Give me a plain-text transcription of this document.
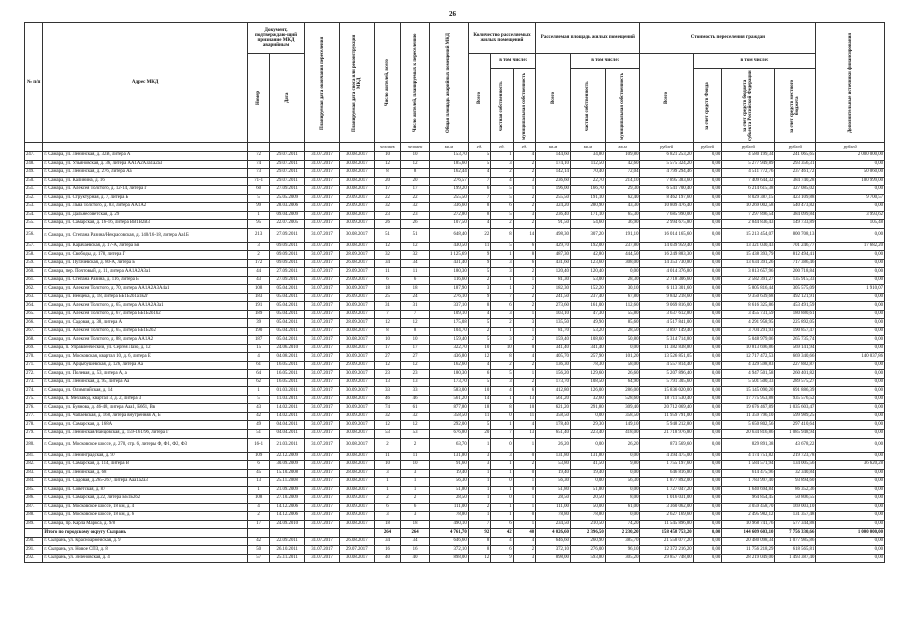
26
№ п/п	Адрес МКД	Документ, подтверждаю-щий признание МКД аварийным		Планируемая дата окончания переселения	Планируемая дата сноса или реконструкции МКД	Число жителей, всего	Число жителей, планируемых к переселению	Общая площадь аварийных помещений МКД	Количество расселяемых жилых помещений			Расселяемая площадь жилых помещений			Стоимость переселения граждан				Дополнительные источники финансирования

Номер	Дата						Всего	в том числе:		Всего	в том числе:		Всего	в том числе:			

частная собственность	муниципальная собственность		частная собственность	муниципальная собственность		за счет средств Фонда	за счет средств бюджета субъекта Российской Федерации	за счет средств местного бюджета	

						человек	человек	кв.м	ед.	ед.	ед.	кв.м	кв.м	кв.м	рублей	рублей	рублей	рублей	рублей
247.	г. Самара, ул. Ленинская, д. 32В, литера А	72	29.07.2011	31.07.2017	30.08.2017	10	10	153,70	5	1	4	144,60	34,80	109,80	6 821 253,20	0,00	4 580 199,34	241 065,65	2 000 000,00
248.	г. Самара, ул. Ульяновская, д. 36, литера АА1А2А3а1а2а3	74	29.07.2011	31.07.2017	30.08.2017	12	12	185,60	5	3	2	174,10	112,50	42,60	5 575 324,20	0,00	5 277 949,89	293 356,31	0,00
249.	г. Самара, ул. Ленинская, д. 276, литера Аа	73	29.07.2011	31.07.2017	30.08.2017	8	8	162,44	4	2	2	142,14	70,40	72,04	4 799 294,46	0,00	4 511 772,76	237 461,72	50 060,00
250.	г. Самара, ул. Калинина, д. 16	71-1	29.07.2011	31.07.2017	30.08.2017	20	20	276,57	7	4	3	236,60	22,70	214,10	7 895 383,60	0,00	7 409 644,32	384 740,28	100 999,00
251.	г. Самара, ул. Алексея Толстого, д. 12-14, литера Г	60	27.09.2011	31.07.2017	30.08.2017	17	17	199,20	6	5	1	196,00	166,70	29,30	6 541 700,40	0,00	6 214 615,38	327 085,02	0,00
252.	г. Самара, ул. Структурная, д. 7, литера Б	5	25.05.2009	31.07.2017	29.09.2017	22	22	255,50	7	5	2	255,50	191,10	62,40	8 462 197,60	0,00	8 029 387,15	423 109,88	9 700,57
253.	г. Самара, ул. Льва Толстого, д. 83, литера АА1А2	99	28.03.2006	31.07.2017	29.09.2017	32	32	336,60	8	6	2	324,20	280,90	43,30	10 809 476,40	0,00	10 269 002,58	540 473,82	0,00
254.	г. Самара, ул. Дальнесоветская, д. 29	1	09.04.2009	31.07.2017	30.08.2017	23	23	272,80	8	5	3	236,40	171,10	65,30	7 685 990,00	0,00	7 297 896,54	384 099,84	3 993,62
255.	г. Самара, ул. Самарская, д. 16-16, литера ВВ1В2В3	95	22.07.2005	31.07.2017	30.09.2017	26	26	107,50	4	2	2	91,50	54,60	36,90	2 994 675,80	0,00	2 844 836,43	149 733,89	105,48
256.	г. Самара, ул. Степана Разина/Некрасовская, д. 140/16-18, литера Аа1Б	213	27.09.2011	31.07.2017	30.08.2017	51	51	648,40	22	8	14	498,30	307,20	191,10	16 014 165,60	0,00	15 213 454,07	800 708,13	0,00
257.	г. Самара, ул. Карачаевская, д. 17-А, литера Бв	3	09.09.2011	31.07.2017	30.08.2017	12	12	430,50	11	5	6	429,70	192,00	237,80	14 039 959,40	0,00	13 321 030,43	701 246,77	17 682,20
258.	г. Самара, ул. Свободы, д. 178, литера Г	2	09.09.2011	31.07.2017	28.09.2017	32	32	1 125,69	9	1	8	487,30	42,80	444,50	16 249 883,30	0,00	15 438 393,79	812 494,41	0,00
259.	г. Самара, ул. Пугачевская, д. 80-А, литера Б	172	09.09.2011	31.07.2017	26.08.2017	34	34	431,40	9	3	6	431,60	123,60	308,00	14 353 730,80	0,00	13 634 391,26	717 386,46	0,00
260.	г. Самара, пер. Почтовый, д. 11, литера АА1А2А3а1	44	27.09.2011	31.07.2017	29.09.2017	11	11	180,30	5	3	2	120,40	120,40	0,00	4 014 376,80	0,00	3 813 657,96	200 718,84	0,00
261.	г. Самара, ул. Степана Разина, д. 116, литера Б	43	27.09.2011	31.07.2017	29.09.2017	6	6	116,60	2	1	1	81,30	53,00	28,30	2 718 306,60	0,00	2 582 391,27	135 915,33	0,00
262.	г. Самара, ул. Алексея Толстого, д. 70, литера АА1А2А3А4а1	108	05.04.2011	31.07.2017	30.09.2017	18	18	187,90	3	1	2	182,30	152,20	30,10	6 113 301,60	0,00	5 805 816,44	305 575,09	1 910,07
263.	г. Самара, ул. Венцека, д. 18, литера ББ1Б2б1а1в2г	183	05.04.2011	31.07.2017	26.09.2017	25	24	276,10	9	7	2	241,50	237,40	67,80	9 842 218,60	0,00	9 350 639,68	492 121,91	0,00
264.	г. Самара, ул. Алексея Толстого, д. 65, литера АА1А2А3а1	191	05.04.2011	31.07.2017	30.09.2017	31	31	337,10	8	6	2	273,60	161,00	112,60	9 069 816,00	0,00	8 616 325,86	453 491,59	0,00
265.	г. Самара, ул. Алексея Толстого, д. 67, литера ББ1Б2б1б2	189	05.04.2011	31.07.2017	30.09.2017	7	7	109,10	4	3	1	103,10	47,30	55,80	3 637 612,80	0,00	3 455 731,59	180 880,61	0,00
266.	г. Самара, ул. Садовая, д. 38, литера А	39	05.04.2011	31.07.2017	28.09.2017	12	12	175,08	5	2	3	135,50	49,90	85,60	4 517 841,00	0,00	4 291 958,95	225 892,05	0,00
267.	г. Самара, ул. Алексея Толстого, д. 65, литера ББ1Б2б2	190	05.04.2011	31.07.2017	30.08.2017	8	8	104,70	2	1	1	81,70	53,20	28,50	3 897 149,40	0,00	3 704 291,93	190 857,47	0,00
268.	г. Самара, ул. Алексея Толстого, д. 88, литера АА1А2	187	05.04.2011	31.07.2017	30.08.2017	10	10	159,40	5	3	2	159,40	108,60	50,80	5 314 714,80	0,00	5 048 979,06	265 735,74	0,00
269.	г. Самара, п. Управленческий, ул. Сергея Лазо, д. 12	15	24.06.2010	31.07.2017	30.08.2017	17	17	322,70	10	10	0	341,40	341,40	0,00	11 382 838,80	0,00	10 813 696,86	569 141,94	0,00
270.	г. Самара, ул. Московская, квартал 10, д. 6, литера Е	4	04.08.2011	31.07.2017	30.09.2017	27	27	436,80	12	8	4	405,70	257,90	101,20	13 526 851,05	0,00	12 717 472,53	669 340,66	140 037,86
271.	г. Самара, ул. Арцыбушевская, д. 126, литера Аа	61	16.05.2011	31.07.2017	29.09.2017	12	12	162,60	4	2	2	136,30	78,30	58,00	4 557 814,40	0,00	4 329 598,83	227 882,87	0,00
272.	г. Самара, ул. Полевая, д. 53, литера А, а	64	16.05.2011	31.07.2017	30.09.2017	23	23	180,30	6	5	1	156,20	129,60	26,60	5 207 896,40	0,00	4 947 501,58	260 401,82	0,00
273.	г. Самара, ул. Ленинская, д. 95, литера Аа	62	16.05.2011	31.07.2017	30.09.2017	13	13	173,70	5	3	2	173,70	108,50	64,90	5 791 305,60	0,00	5 501 500,33	289 575,27	0,00
274.	г. Самара, ул. Олимпийская, д. 14	1	01.03.2011	31.07.2017	30.09.2017	33	33	583,00	10	4	6	412,80	126,00	286,00	15 836 020,00	0,00	15 145 090,20	691 886,39	0,00
275.	г. Самара, п. Мехзавод, квартал 3, д. 2, литера 3	5	11.03.2011	31.07.2017	30.08.2017	46	46	561,20	14	1	13	561,20	32,60	528,60	18 711 530,40	0,00	17 775 953,88	935 576,52	0,00
276.	г. Самара, ул. Буянова, д. 46-48, литера Ааа1, Б6б1, Вв	43	14.02.2011	31.07.2017	30.09.2017	74	61	877,80	18	8	10	621,20	291,80	309,40	20 712 069,40	0,00	19 676 467,89	1 035 603,47	0,00
277.	г. Самара, ул. Чапаевская, д. 168, литера внутренняя А, Б	42	14.02.2011	31.07.2017	30.09.2017	32	32	358,50	11	0	11	358,50	0,00	358,50	11 959 791,00	0,00	11 359 796,10	599 989,25	0,00
278.	г. Самара, ул. Самарская, д. 168А	49	04.04.2011	31.07.2017	30.09.2017	12	12	292,00	5	1	4	178,40	29,30	149,10	5 948 212,80	0,00	5 650 802,56	297 410,64	0,00
279.	г. Самара, ул. Ленинская/Ванцовская, д. 159-161/96, литера Г	51	04.04.2011	31.07.2017	30.08.2017	53	53	676,80	20	7	13	651,40	223,40	418,00	21 718 976,80	0,00	20 634 816,86	1 085 948,94	0,00
280.	г. Самара, ул. Московское шоссе, д. 270, стр. 6, литеры Ф, Ф1, Ф2, Ф3	16-1	21.03.2011	31.07.2017	30.08.2017	2	2	63,70	1	0	1	26,20	0,00	26,20	873 569,60	0,00	829 891,38	43 678,22	0,00
281.	г. Самара, ул. Ленинградская, д. 97	109	22.12.2009	31.07.2017	30.08.2017	11	11	131,80	3	3	0	131,80	131,80	0,00	4 394 475,00	0,00	4 174 751,82	219 723,78	0,00
282.	г. Самара, ул. Самарская, д. 114, литера В	6	30.09.2009	31.07.2017	30.08.2017	10	10	91,60	3	1	2	53,80	41,50	9,80	1 755 197,60	0,00	1 584 571,94	134 005,56	36 620,28
283.	г. Самара, ул. Ленинская, д. 68	45	15.10.2008	31.07.2017	28.08.2017	3	3	19,40	1	1	0	19,40	19,40	0,00	646 816,80	0,00	614 475,96	32 340,84	0,00
284.	г. Самара, ул. Садовая, д.265-267, литера Ааа1а2а3	13	25.11.2008	31.07.2017	30.08.2017	1	1	56,30	1	0	1	56,30	0,00	56,30	1 877 892,00	0,00	1 783 997,40	93 894,60	0,00
285.	г. Самара, ул. Советская, д. 87	1	21.09.2009	31.07.2017	30.08.2017	1	1	51,80	1	1	0	51,80	51,80	0,00	1 727 047,20	0,00	1 640 694,84	86 352,36	0,00
286.	г. Самара, ул. Самарская, д.22, литера ББ1Б2б2	108	27.10.2009	31.07.2017	30.09.2017	2	2	28,50	1	0	1	28,50	20,50	8,00	1 016 031,00	0,00	964 854,45	50 806,55	0,00
287.	г. Самара, ул. Московское шоссе, 18 км, д. 4	4	14.12.2006	31.07.2017	30.09.2017	6	6	111,00	2	1	1	111,00	50,00	61,00	3 360 062,00	0,00	3 059 458,70	169 003,10	0,00
288.	г. Самара, ул. Московское шоссе, 18 км, д. 6	2	14.12.2006	31.07.2017	30.09.2017	3	3	78,80	1	1	0	78,80	78,80	0,00	2 627 169,60	0,00	2 495 982,12	131 357,48	0,00
289.	г. Самара, пр. Карла Маркса, д. 9/8	17	24.09.2010	31.07.2017	30.08.2017	18	18	490,10	7	6	1	234,50	210,50	74,20	11 545 896,80	0,00	10 968 741,76	577 344,88	0,00
	Итого по городскому округу Сызрань					264	264	4 761,70	92	42	40	4 026,60	2 396,50	2 230,20	158 458 753,20	0,00	144 609 603,10	7 756 330,66	1 000 000,00
290.	г. Сызрань, ул. Красноармейская, д. 9	42	22.09.2011	31.07.2017	26.08.2017	34	34	646,60	8	4	4	646,60	260,90	385,70	21 558 077,20	0,00	20 480 098,34	1 077 985,86	0,00
291.	г. Сызрань, ул. Новое СПЗ, д. 8	50	26.10.2011	31.07.2017	29.07.2017	16	16	372,10	8	6	2	372,10	276,00	96,10	12 372 216,20	0,00	11 756 218,29	618 565,81	0,00
292.	г. Сызрань, ул. Зеленовская, д. 4	57	25.11.2011	31.07.2017	30.08.2017	40	40	898,00	12	9	3	898,00	593,80	305,20	29 857 748,00	0,00	28 219 049,00	1 493 387,40	0,00
